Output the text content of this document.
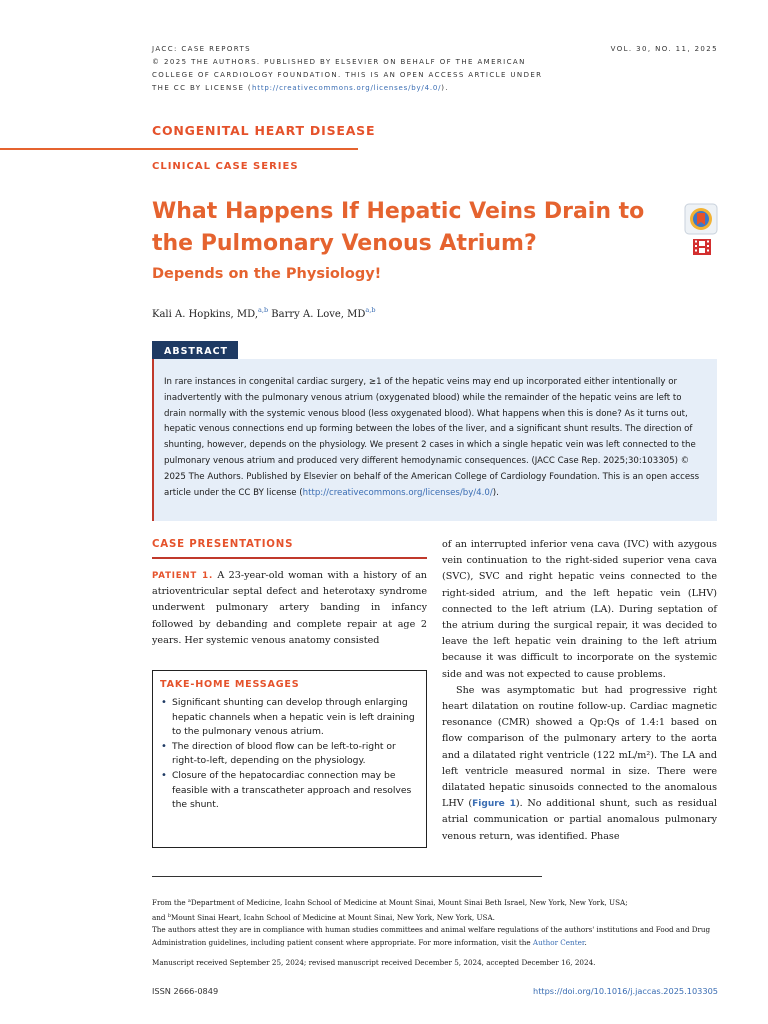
JACC: CASE REPORTS
© 2025 THE AUTHORS. PUBLISHED BY ELSEVIER ON BEHALF OF THE AMERICAN
COLLEGE OF CARDIOLOGY FOUNDATION. THIS IS AN OPEN ACCESS ARTICLE UNDER
THE CC BY LICENSE (http://creativecommons.org/licenses/by/4.0/).
VOL. 30, NO. 11, 2025
CONGENITAL HEART DISEASE
CLINICAL CASE SERIES
What Happens If Hepatic Veins Drain to
the Pulmonary Venous Atrium?
Depends on the Physiology!
Kali A. Hopkins, MD,$^{a,b}$ Barry A. Love, MD$^{a,b}$
ABSTRACT
In rare instances in congenital cardiac surgery, ≥1 of the hepatic veins may end up incorporated either intentionally or inadvertently with the pulmonary venous atrium (oxygenated blood) while the remainder of the hepatic veins are left to drain normally with the systemic venous blood (less oxygenated blood). What happens when this is done? As it turns out, hepatic venous connections end up forming between the lobes of the liver, and a significant shunt results. The direction of shunting, however, depends on the physiology. We present 2 cases in which a single hepatic vein was left connected to the pulmonary venous atrium and produced very different hemodynamic consequences. (JACC Case Rep. 2025;30:103305) © 2025 The Authors. Published by Elsevier on behalf of the American College of Cardiology Foundation. This is an open access article under the CC BY license (http://creativecommons.org/licenses/by/4.0/).
CASE PRESENTATIONS
PATIENT 1. A 23-year-old woman with a history of an atrioventricular septal defect and heterotaxy syndrome underwent pulmonary artery banding in infancy followed by debanding and complete repair at age 2 years. Her systemic venous anatomy consisted
TAKE-HOME MESSAGES
• Significant shunting can develop through enlarging hepatic channels when a hepatic vein is left draining to the pulmonary venous atrium.
• The direction of blood flow can be left-to-right or right-to-left, depending on the physiology.
• Closure of the hepatocardiac connection may be feasible with a transcatheter approach and resolves the shunt.

of an interrupted inferior vena cava (IVC) with azygous vein continuation to the right-sided superior vena cava (SVC), SVC and right hepatic veins connected to the right-sided atrium, and the left hepatic vein (LHV) connected to the left atrium (LA). During septation of the atrium during the surgical repair, it was decided to leave the left hepatic vein draining to the left atrium because it was difficult to incorporate on the systemic side and was not expected to cause problems.

She was asymptomatic but had progressive right heart dilatation on routine follow-up. Cardiac magnetic resonance (CMR) showed a Qp:Qs of 1.4:1 based on flow comparison of the pulmonary artery to the aorta and a dilatated right ventricle (122 mL/m²). The LA and left ventricle measured normal in size. There were dilatated hepatic sinusoids connected to the anomalous LHV (Figure 1). No additional shunt, such as residual atrial communication or partial anomalous pulmonary venous return, was identified. Phase

From the $^a$Department of Medicine, Icahn School of Medicine at Mount Sinai, Mount Sinai Beth Israel, New York, New York, USA;
and $^b$Mount Sinai Heart, Icahn School of Medicine at Mount Sinai, New York, New York, USA.
The authors attest they are in compliance with human studies committees and animal welfare regulations of the authors' institutions and Food and Drug Administration guidelines, including patient consent where appropriate. For more information, visit the Author Center.
Manuscript received September 25, 2024; revised manuscript received December 5, 2024, accepted December 16, 2024.
ISSN 2666-0849	https://doi.org/10.1016/j.jaccas.2025.103305
